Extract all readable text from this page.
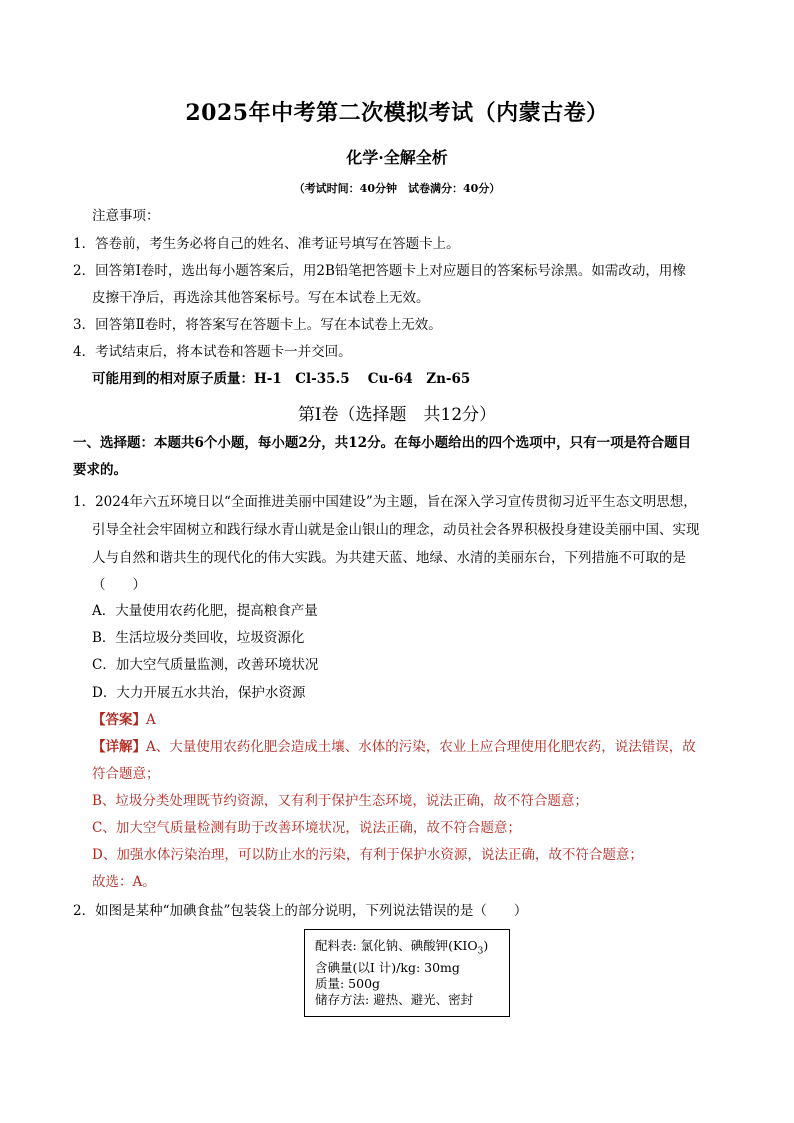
2025年中考第二次模拟考试（内蒙古卷）
化学·全解全析
（考试时间：40分钟　试卷满分：40分）
注意事项：
1．答卷前，考生务必将自己的姓名、准考证号填写在答题卡上。
2．回答第Ⅰ卷时，选出每小题答案后，用2B铅笔把答题卡上对应题目的答案标号涂黑。如需改动，用橡
皮擦干净后，再选涂其他答案标号。写在本试卷上无效。
3．回答第Ⅱ卷时，将答案写在答题卡上。写在本试卷上无效。
4．考试结束后，将本试卷和答题卡一并交回。
可能用到的相对原子质量：H-1　Cl-35.5　 Cu-64　Zn-65
第Ⅰ卷（选择题　共12分）
一、选择题：本题共6个小题，每小题2分，共12分。在每小题给出的四个选项中，只有一项是符合题目
要求的。
1．2024年六五环境日以“全面推进美丽中国建设”为主题，旨在深入学习宣传贯彻习近平生态文明思想，
引导全社会牢固树立和践行绿水青山就是金山银山的理念，动员社会各界积极投身建设美丽中国、实现
人与自然和谐共生的现代化的伟大实践。为共建天蓝、地绿、水清的美丽东台，下列措施不可取的是
（　　）
A．大量使用农药化肥，提高粮食产量
B．生活垃圾分类回收，垃圾资源化
C．加大空气质量监测，改善环境状况
D．大力开展五水共治，保护水资源
【答案】A
【详解】A、大量使用农药化肥会造成土壤、水体的污染，农业上应合理使用化肥农药，说法错误，故
符合题意；
B、垃圾分类处理既节约资源，又有利于保护生态环境，说法正确，故不符合题意；
C、加大空气质量检测有助于改善环境状况，说法正确，故不符合题意；
D、加强水体污染治理，可以防止水的污染，有利于保护水资源，说法正确，故不符合题意；
故选：A。
2．如图是某种“加碘食盐”包装袋上的部分说明，下列说法错误的是（　　）
配料表: 氯化钠、碘酸钾$(KIO_3)$
含碘量(以I 计)/kg: 30mg
质量: 500g
储存方法: 避热、避光、密封
